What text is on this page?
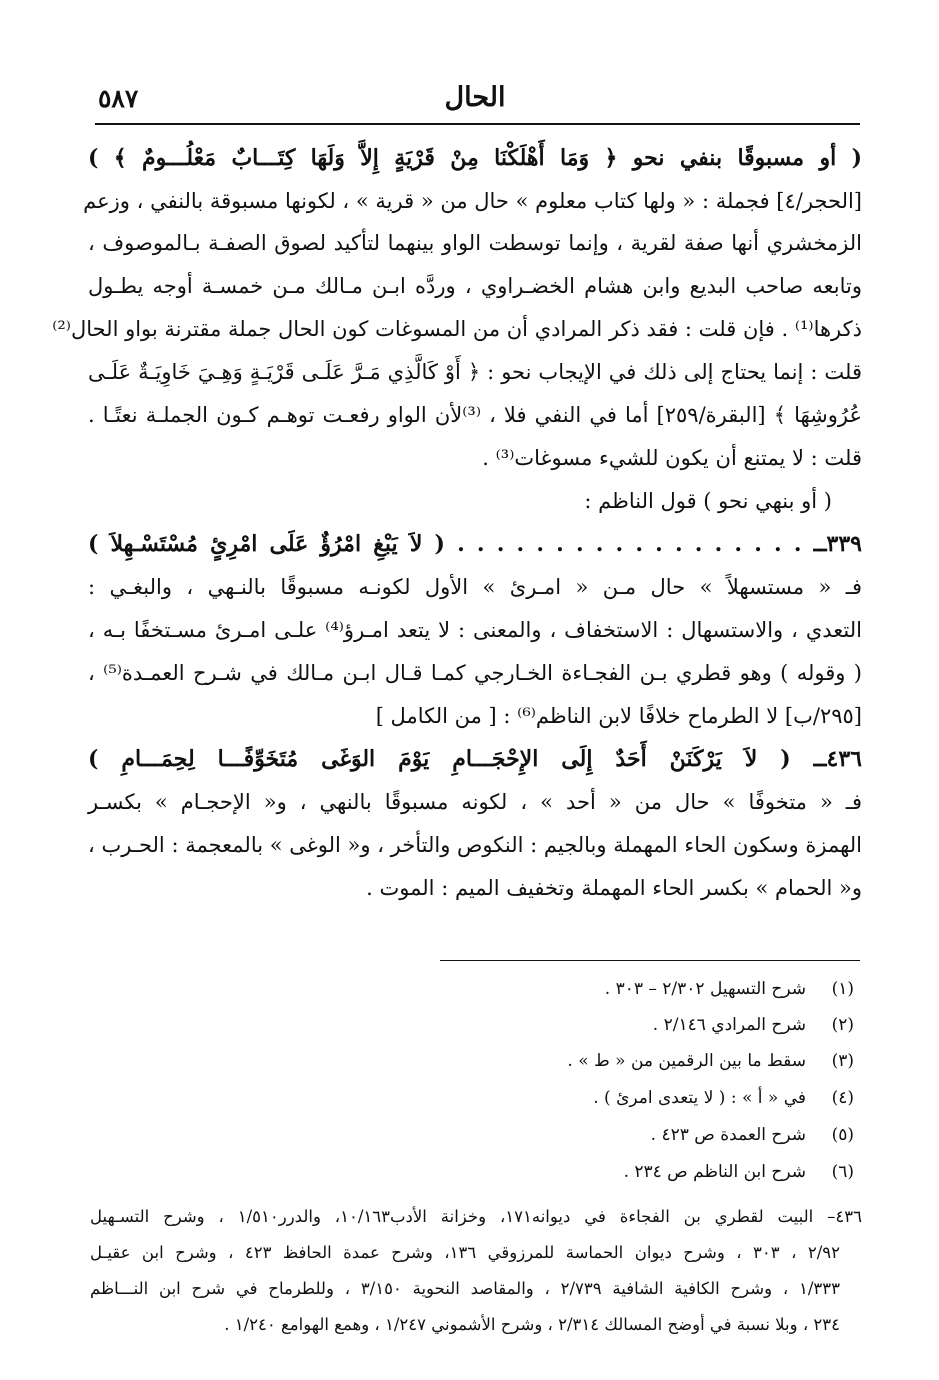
الحال
٥٨٧
( أو مسبوقًا بنفي نحو ﴿ وَمَا أَهْلَكْنَا مِنْ قَرْيَةٍ إِلاَّ وَلَهَا كِتَـــابٌ مَعْلُـــومٌ ﴾ )
[الحجر/٤] فجملة : « ولها كتاب معلوم » حال من « قرية » ، لكونها مسبوقة بالنفي ، وزعم
الزمخشري أنها صفة لقرية ، وإنما توسطت الواو بينهما لتأكيد لصوق الصفـة بـالموصوف ،
وتابعه صاحب البديع وابن هشام الخضـراوي ، وردَّه ابـن مـالك مـن خمسـة أوجه يطـول
ذكرها⁽¹⁾ . فإن قلت : فقد ذكر المرادي أن من المسوغات كون الحال جملة مقترنة بواو الحال⁽²⁾
قلت : إنما يحتاج إلى ذلك في الإيجاب نحو : ﴿ أَوْ كَالَّذِي مَـرَّ عَلَـى قَرْيَـةٍ وَهِـيَ خَاوِيَـةٌ عَلَـى
عُرُوشِهَا ﴾ [البقرة/٢٥٩] أما في النفي فلا ، ⁽³⁾لأن الواو رفعـت توهـم كـون الجملـة نعتًـا .
قلت : لا يمتنع أن يكون للشيء مسوغات⁽³⁾ .
( أو بنهي نحو ) قول الناظم :
٣٣٩ــ . . . . . . . . . . . . . . . . . . ( لاَ يَبْغِ امْرُؤٌ عَلَى امْرِئٍ مُسْتَسْـهِلاَ )
فـ « مستسهلاً » حال مـن « امـرئ » الأول لكونـه مسبوقًا بالنـهي ، والبغـي :
التعدي ، والاستسهال : الاستخفاف ، والمعنى : لا يتعد امـرؤ⁽⁴⁾ علـى امـرئ مسـتخفًا بـه ،
( وقوله ) وهو قطري بـن الفجـاءة الخـارجي كمـا قـال ابـن مـالك في شـرح العمـدة⁽⁵⁾ ،
[٢٩٥/ب] لا الطرماح خلافًا لابن الناظم⁽⁶⁾ : [ من الكامل ]
٤٣٦ــ ( لاَ يَرْكَنَنْ أَحَدٌ إِلَى الإِحْجَـــامِ يَوْمَ الوَغَى مُتَخَوِّفًـــا لِحِمَـــامِ )
فـ « متخوفًا » حال من « أحد » ، لكونه مسبوقًا بالنهي ، و« الإحجـام » بكسـر
الهمزة وسكون الحاء المهملة وبالجيم : النكوص والتأخر ، و« الوغى » بالمعجمة : الحـرب ،
و« الحمام » بكسر الحاء المهملة وتخفيف الميم : الموت .
(١)شرح التسهيل ٢/٣٠٢ – ٣٠٣ .
(٢)شرح المرادي ٢/١٤٦ .
(٣)سقط ما بين الرقمين من « ط » .
(٤)في « أ » : ( لا يتعدى امرئ ) .
(٥)شرح العمدة ص ٤٢٣ .
(٦)شرح ابن الناظم ص ٢٣٤ .
٤٣٦– البيت لقطري بن الفجاءة في ديوانه١٧١، وخزانة الأدب١٠/١٦٣، والدرر١/٥١٠ ، وشرح التسـهيل
٢/٩٢ ، ٣٠٣ ، وشرح ديوان الحماسة للمرزوقي ١٣٦، وشرح عمدة الحافظ ٤٢٣ ، وشرح ابن عقيـل
١/٣٣٣ ، وشرح الكافية الشافية ٢/٧٣٩ ، والمقاصد النحوية ٣/١٥٠ ، وللطرماح في شرح ابن النـــاظم
٢٣٤ ، وبلا نسبة في أوضح المسالك ٢/٣١٤ ، وشرح الأشموني ١/٢٤٧ ، وهمع الهوامع ١/٢٤٠ .
